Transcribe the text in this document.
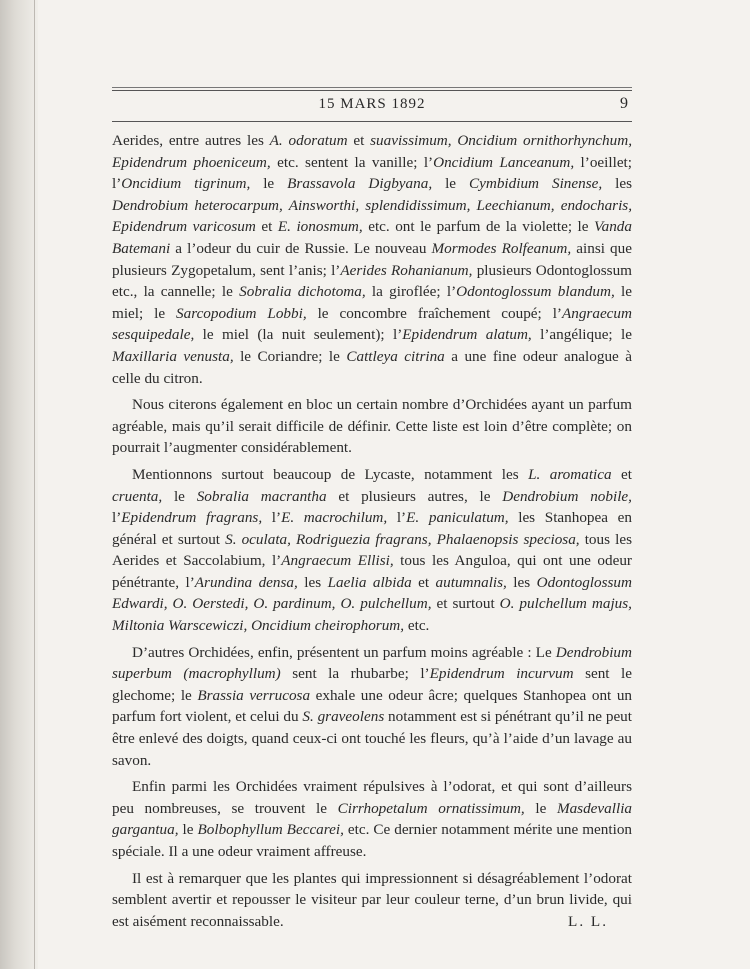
15 MARS 1892	9

Aerides, entre autres les A. odoratum et suavissimum, Oncidium ornithorhynchum, Epidendrum phoeniceum, etc. sentent la vanille; l’Oncidium Lanceanum, l’oeillet; l’Oncidium tigrinum, le Brassavola Digbyana, le Cymbidium Sinense, les Dendrobium heterocarpum, Ainsworthi, splendidissimum, Leechianum, endocharis, Epidendrum varicosum et E. ionosmum, etc. ont le parfum de la violette; le Vanda Batemani a l’odeur du cuir de Russie. Le nouveau Mormodes Rolfeanum, ainsi que plusieurs Zygopetalum, sent l’anis; l’Aerides Rohanianum, plusieurs Odontoglossum etc., la cannelle; le Sobralia dichotoma, la giroflée; l’Odontoglossum blandum, le miel; le Sarcopodium Lobbi, le concombre fraîchement coupé; l’Angraecum sesquipedale, le miel (la nuit seulement); l’Epidendrum alatum, l’angélique; le Maxillaria venusta, le Coriandre; le Cattleya citrina a une fine odeur analogue à celle du citron.

Nous citerons également en bloc un certain nombre d’Orchidées ayant un parfum agréable, mais qu’il serait difficile de définir. Cette liste est loin d’être complète; on pourrait l’augmenter considérablement.

Mentionnons surtout beaucoup de Lycaste, notamment les L. aromatica et cruenta, le Sobralia macrantha et plusieurs autres, le Dendrobium nobile, l’Epidendrum fragrans, l’E. macrochilum, l’E. paniculatum, les Stanhopea en général et surtout S. oculata, Rodriguezia fragrans, Phalaenopsis speciosa, tous les Aerides et Saccolabium, l’Angraecum Ellisi, tous les Anguloa, qui ont une odeur pénétrante, l’Arundina densa, les Laelia albida et autumnalis, les Odontoglossum Edwardi, O. Oerstedi, O. pardinum, O. pulchellum, et surtout O. pulchellum majus, Miltonia Warscewiczi, Oncidium cheirophorum, etc.

D’autres Orchidées, enfin, présentent un parfum moins agréable : Le Dendrobium superbum (macrophyllum) sent la rhubarbe; l’Epidendrum incurvum sent le glechome; le Brassia verrucosa exhale une odeur âcre; quelques Stanhopea ont un parfum fort violent, et celui du S. graveolens notamment est si pénétrant qu’il ne peut être enlevé des doigts, quand ceux-ci ont touché les fleurs, qu’à l’aide d’un lavage au savon.

Enfin parmi les Orchidées vraiment répulsives à l’odorat, et qui sont d’ailleurs peu nombreuses, se trouvent le Cirrhopetalum ornatissimum, le Masdevallia gargantua, le Bolbophyllum Beccarei, etc. Ce dernier notamment mérite une mention spéciale. Il a une odeur vraiment affreuse.

Il est à remarquer que les plantes qui impressionnent si désagréablement l’odorat semblent avertir et repousser le visiteur par leur couleur terne, d’un brun livide, qui est aisément reconnaissable.	L. L.
